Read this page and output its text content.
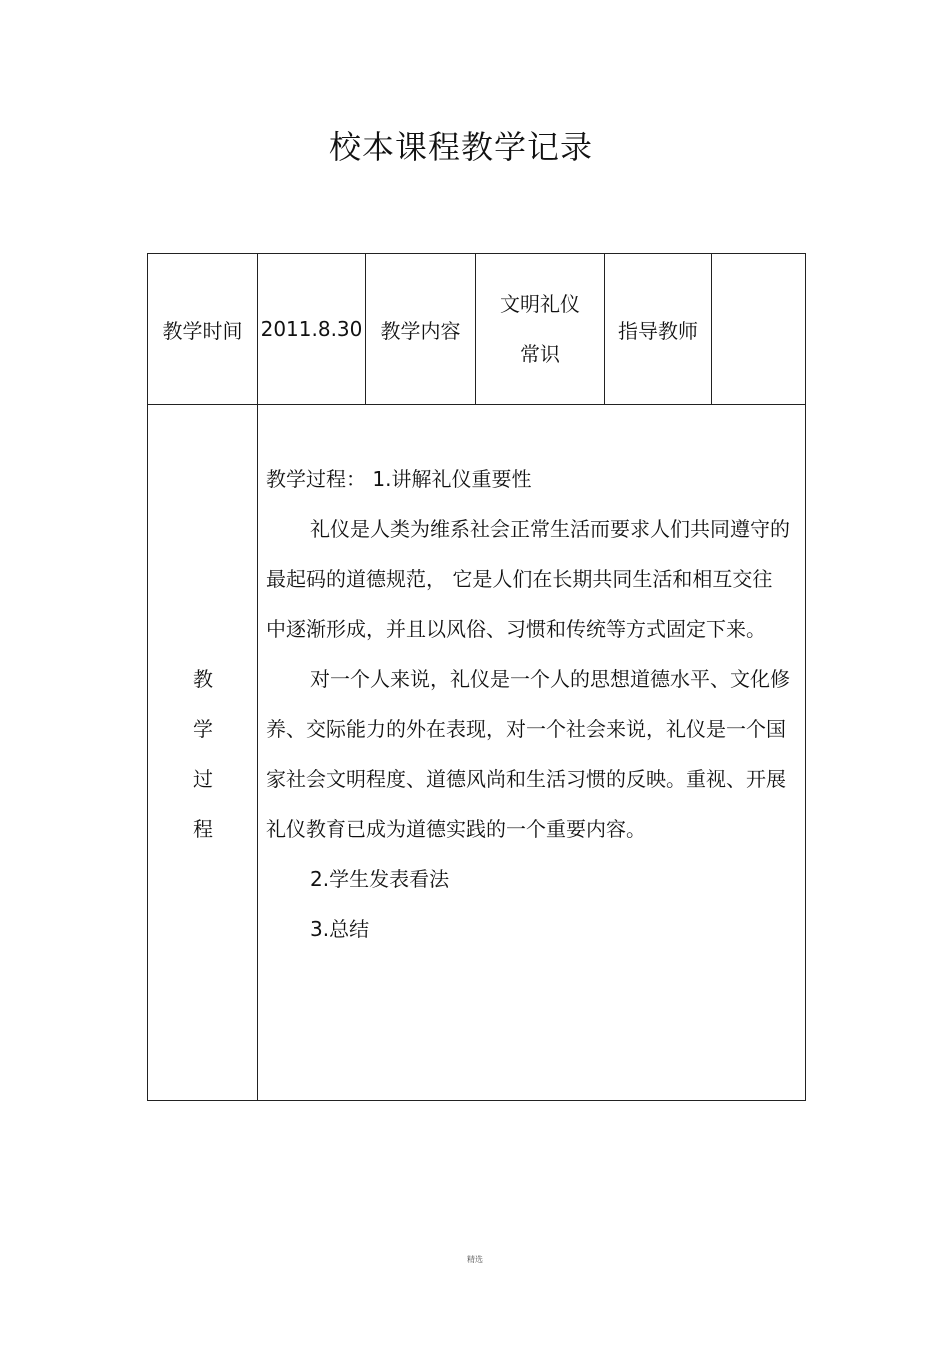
校本课程教学记录
教学时间 2011.8.30 教学内容
文明礼仪
常识
指导教师
教
学
过
程

教学过程： 1.讲解礼仪重要性

礼仪是人类为维系社会正常生活而要求人们共同遵守的最起码的道德规范， 它是人们在长期共同生活和相互交往中逐渐形成，并且以风俗、习惯和传统等方式固定下来。

对一个人来说，礼仪是一个人的思想道德水平、文化修养、交际能力的外在表现，对一个社会来说，礼仪是一个国家社会文明程度、道德风尚和生活习惯的反映。重视、开展礼仪教育已成为道德实践的一个重要内容。

2.学生发表看法

3.总结

精选
